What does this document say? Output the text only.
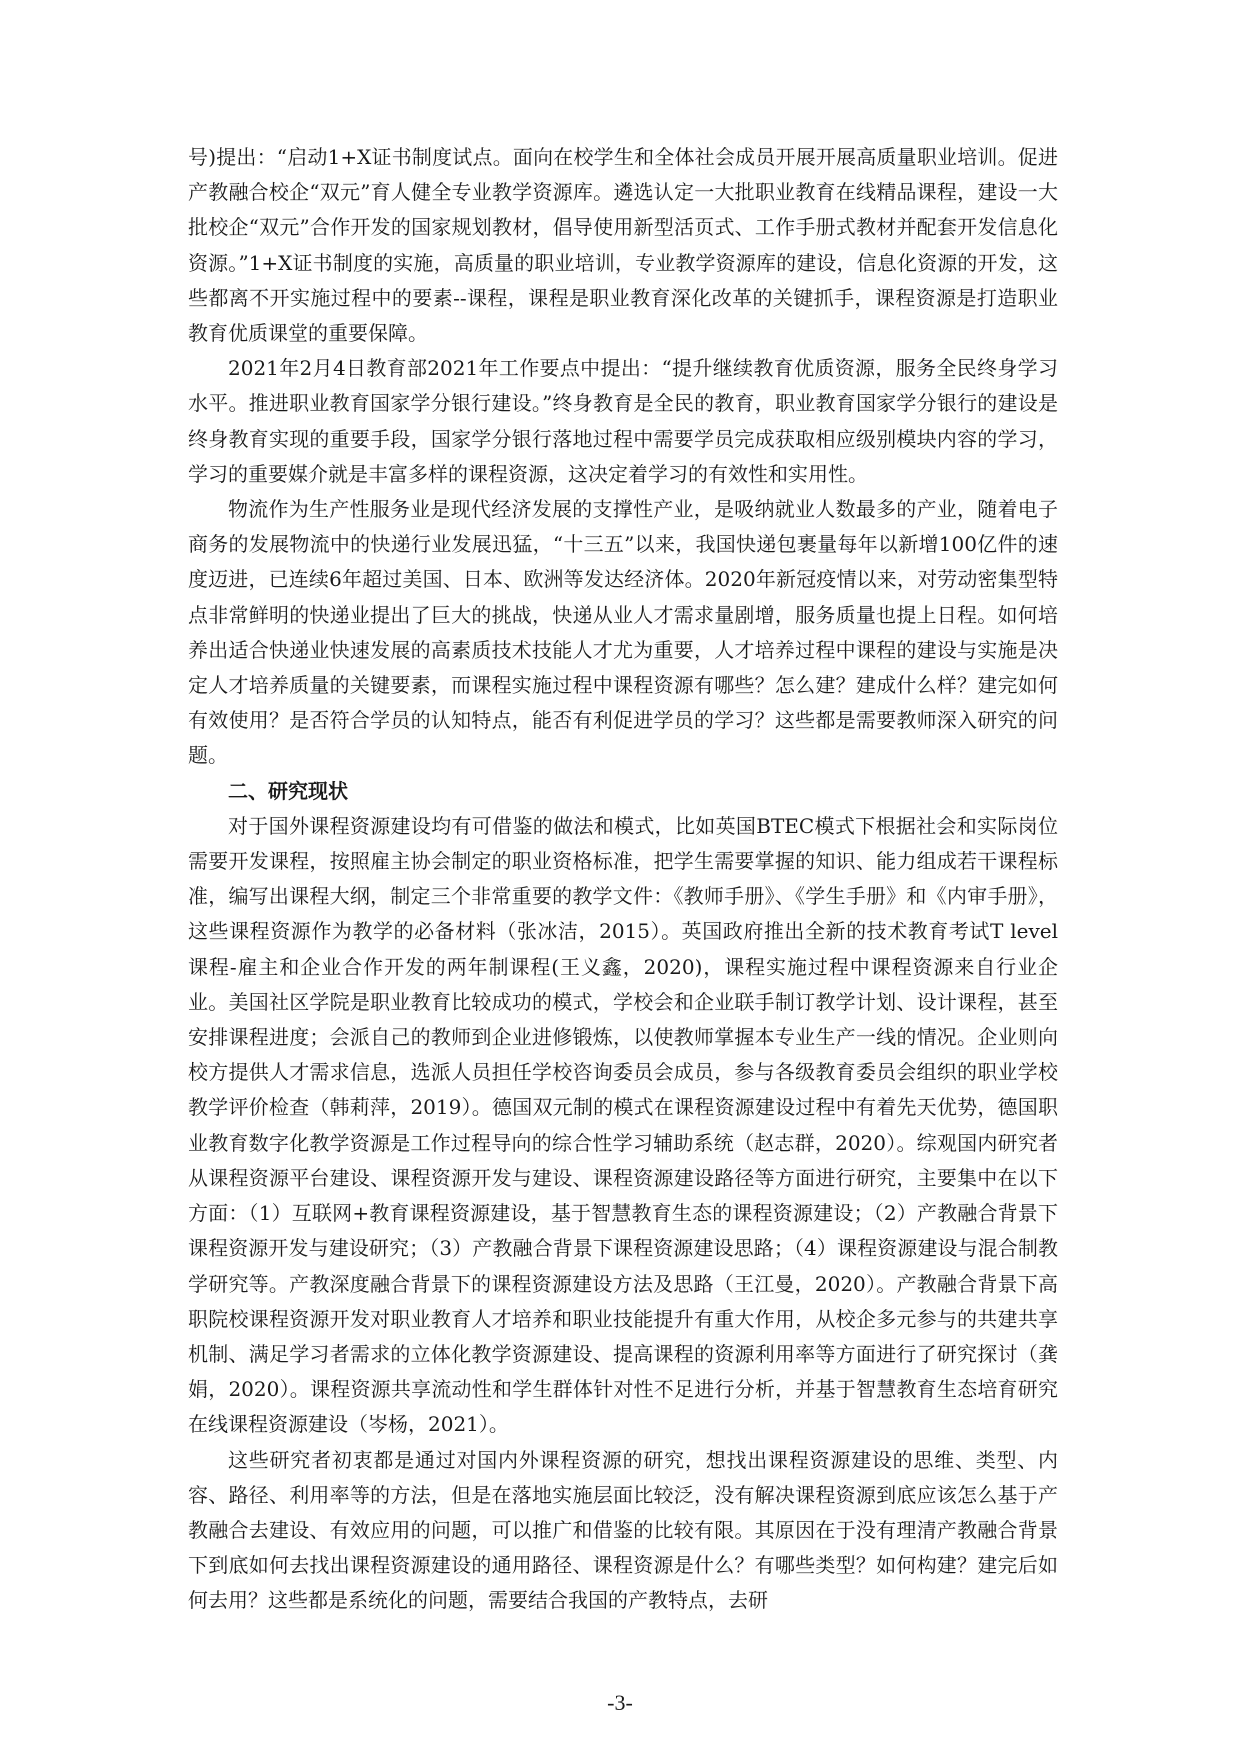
号)提出：“启动1+X证书制度试点。面向在校学生和全体社会成员开展开展高质量职业培训。促进产教融合校企“双元”育人健全专业教学资源库。遴选认定一大批职业教育在线精品课程，建设一大批校企“双元”合作开发的国家规划教材，倡导使用新型活页式、工作手册式教材并配套开发信息化资源。”1+X证书制度的实施，高质量的职业培训，专业教学资源库的建设，信息化资源的开发，这些都离不开实施过程中的要素--课程，课程是职业教育深化改革的关键抓手，课程资源是打造职业教育优质课堂的重要保障。

2021年2月4日教育部2021年工作要点中提出：“提升继续教育优质资源，服务全民终身学习水平。推进职业教育国家学分银行建设。”终身教育是全民的教育，职业教育国家学分银行的建设是终身教育实现的重要手段，国家学分银行落地过程中需要学员完成获取相应级别模块内容的学习，学习的重要媒介就是丰富多样的课程资源，这决定着学习的有效性和实用性。

物流作为生产性服务业是现代经济发展的支撑性产业，是吸纳就业人数最多的产业，随着电子商务的发展物流中的快递行业发展迅猛，“十三五”以来，我国快递包裹量每年以新增100亿件的速度迈进，已连续6年超过美国、日本、欧洲等发达经济体。2020年新冠疫情以来，对劳动密集型特点非常鲜明的快递业提出了巨大的挑战，快递从业人才需求量剧增，服务质量也提上日程。如何培养出适合快递业快速发展的高素质技术技能人才尤为重要，人才培养过程中课程的建设与实施是决定人才培养质量的关键要素，而课程实施过程中课程资源有哪些？怎么建？建成什么样？建完如何有效使用？是否符合学员的认知特点，能否有利促进学员的学习？这些都是需要教师深入研究的问题。

二、研究现状

对于国外课程资源建设均有可借鉴的做法和模式，比如英国BTEC模式下根据社会和实际岗位需要开发课程，按照雇主协会制定的职业资格标准，把学生需要掌握的知识、能力组成若干课程标准，编写出课程大纲，制定三个非常重要的教学文件：《教师手册》、《学生手册》和《内审手册》，这些课程资源作为教学的必备材料（张冰洁，2015）。英国政府推出全新的技术教育考试T level 课程-雇主和企业合作开发的两年制课程(王义鑫，2020)，课程实施过程中课程资源来自行业企业。美国社区学院是职业教育比较成功的模式，学校会和企业联手制订教学计划、设计课程，甚至安排课程进度；会派自己的教师到企业进修锻炼，以使教师掌握本专业生产一线的情况。企业则向校方提供人才需求信息，选派人员担任学校咨询委员会成员，参与各级教育委员会组织的职业学校教学评价检查（韩莉萍，2019）。德国双元制的模式在课程资源建设过程中有着先天优势，德国职业教育数字化教学资源是工作过程导向的综合性学习辅助系统（赵志群，2020）。综观国内研究者从课程资源平台建设、课程资源开发与建设、课程资源建设路径等方面进行研究，主要集中在以下方面：（1）互联网+教育课程资源建设，基于智慧教育生态的课程资源建设；（2）产教融合背景下课程资源开发与建设研究；（3）产教融合背景下课程资源建设思路；（4）课程资源建设与混合制教学研究等。产教深度融合背景下的课程资源建设方法及思路（王江曼，2020）。产教融合背景下高职院校课程资源开发对职业教育人才培养和职业技能提升有重大作用，从校企多元参与的共建共享机制、满足学习者需求的立体化教学资源建设、提高课程的资源利用率等方面进行了研究探讨（龚娟，2020）。课程资源共享流动性和学生群体针对性不足进行分析，并基于智慧教育生态培育研究在线课程资源建设（岑杨，2021）。

这些研究者初衷都是通过对国内外课程资源的研究，想找出课程资源建设的思维、类型、内容、路径、利用率等的方法，但是在落地实施层面比较泛，没有解决课程资源到底应该怎么基于产教融合去建设、有效应用的问题，可以推广和借鉴的比较有限。其原因在于没有理清产教融合背景下到底如何去找出课程资源建设的通用路径、课程资源是什么？有哪些类型？如何构建？建完后如何去用？这些都是系统化的问题，需要结合我国的产教特点，去研

-3-
